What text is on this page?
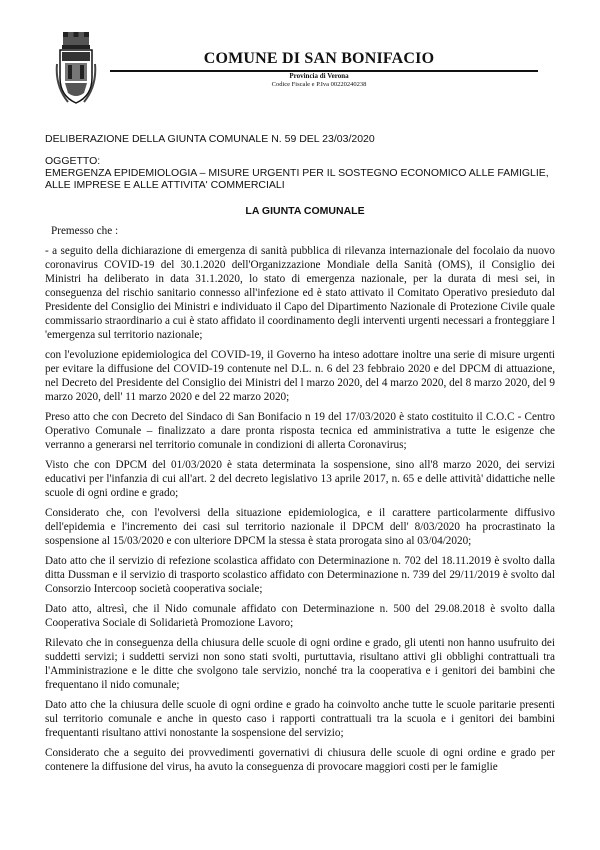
COMUNE DI SAN BONIFACIO
Provincia di Verona
Codice Fiscale e P.Iva 00220240238
DELIBERAZIONE DELLA GIUNTA COMUNALE N. 59 DEL 23/03/2020
OGGETTO:
EMERGENZA EPIDEMIOLOGIA – MISURE URGENTI PER IL SOSTEGNO ECONOMICO ALLE FAMIGLIE, ALLE IMPRESE E ALLE ATTIVITA' COMMERCIALI
LA GIUNTA COMUNALE

Premesso che :

- a seguito della dichiarazione di emergenza di sanità pubblica di rilevanza internazionale del focolaio da nuovo coronavirus COVID-19 del 30.1.2020 dell'Organizzazione Mondiale della Sanità (OMS), il Consiglio dei Ministri ha deliberato in data 31.1.2020, lo stato di emergenza nazionale, per la durata di mesi sei, in conseguenza del rischio sanitario connesso all'infezione ed è stato attivato il Comitato Operativo presieduto dal Presidente del Consiglio dei Ministri e individuato il Capo del Dipartimento Nazionale di Protezione Civile quale commissario straordinario a cui è stato affidato il coordinamento degli interventi urgenti necessari a fronteggiare l 'emergenza sul territorio nazionale;

con l'evoluzione epidemiologica del COVID-19, il Governo ha inteso adottare inoltre una serie di misure urgenti per evitare la diffusione del COVID-19 contenute nel D.L. n. 6 del 23 febbraio 2020 e del DPCM di attuazione, nel Decreto del Presidente del Consiglio dei Ministri del l marzo 2020, del 4 marzo 2020, del 8 marzo 2020, del 9 marzo 2020, dell' 11 marzo 2020 e del 22 marzo 2020;

Preso atto che con Decreto del Sindaco di San Bonifacio n 19 del 17/03/2020 è stato costituito il C.O.C - Centro Operativo Comunale – finalizzato a dare pronta risposta tecnica ed amministrativa a tutte le esigenze che verranno a generarsi nel territorio comunale in condizioni di allerta Coronavirus;

Visto che con DPCM del 01/03/2020 è stata determinata la sospensione, sino all'8 marzo 2020, dei servizi educativi per l'infanzia di cui all'art. 2 del decreto legislativo 13 aprile 2017, n. 65 e delle attività' didattiche nelle scuole di ogni ordine e grado;

Considerato che, con l'evolversi della situazione epidemiologica, e il carattere particolarmente diffusivo dell'epidemia e l'incremento dei casi sul territorio nazionale il DPCM dell' 8/03/2020 ha procrastinato la sospensione al 15/03/2020 e con ulteriore DPCM la stessa è stata prorogata sino al 03/04/2020;

Dato atto che il servizio di refezione scolastica affidato con Determinazione n. 702 del 18.11.2019 è svolto dalla ditta Dussman e il servizio di trasporto scolastico affidato con Determinazione n. 739 del 29/11/2019 è svolto dal Consorzio Intercoop società cooperativa sociale;

Dato atto, altresì, che il Nido comunale affidato con Determinazione n. 500 del 29.08.2018 è svolto dalla Cooperativa Sociale di Solidarietà Promozione Lavoro;

Rilevato che in conseguenza della chiusura delle scuole di ogni ordine e grado, gli utenti non hanno usufruito dei suddetti servizi; i suddetti servizi non sono stati svolti, purtuttavia, risultano attivi gli obblighi contrattuali tra l'Amministrazione e le ditte che svolgono tale servizio, nonché tra la cooperativa e i genitori dei bambini che frequentano il nido comunale;

Dato atto che la chiusura delle scuole di ogni ordine e grado ha coinvolto anche tutte le scuole paritarie presenti sul territorio comunale e anche in questo caso i rapporti contrattuali tra la scuola e i genitori dei bambini frequentanti risultano attivi nonostante la sospensione del servizio;

Considerato che a seguito dei provvedimenti governativi di chiusura delle scuole di ogni ordine e grado per contenere la diffusione del virus, ha avuto la conseguenza di provocare maggiori costi per le famiglie
